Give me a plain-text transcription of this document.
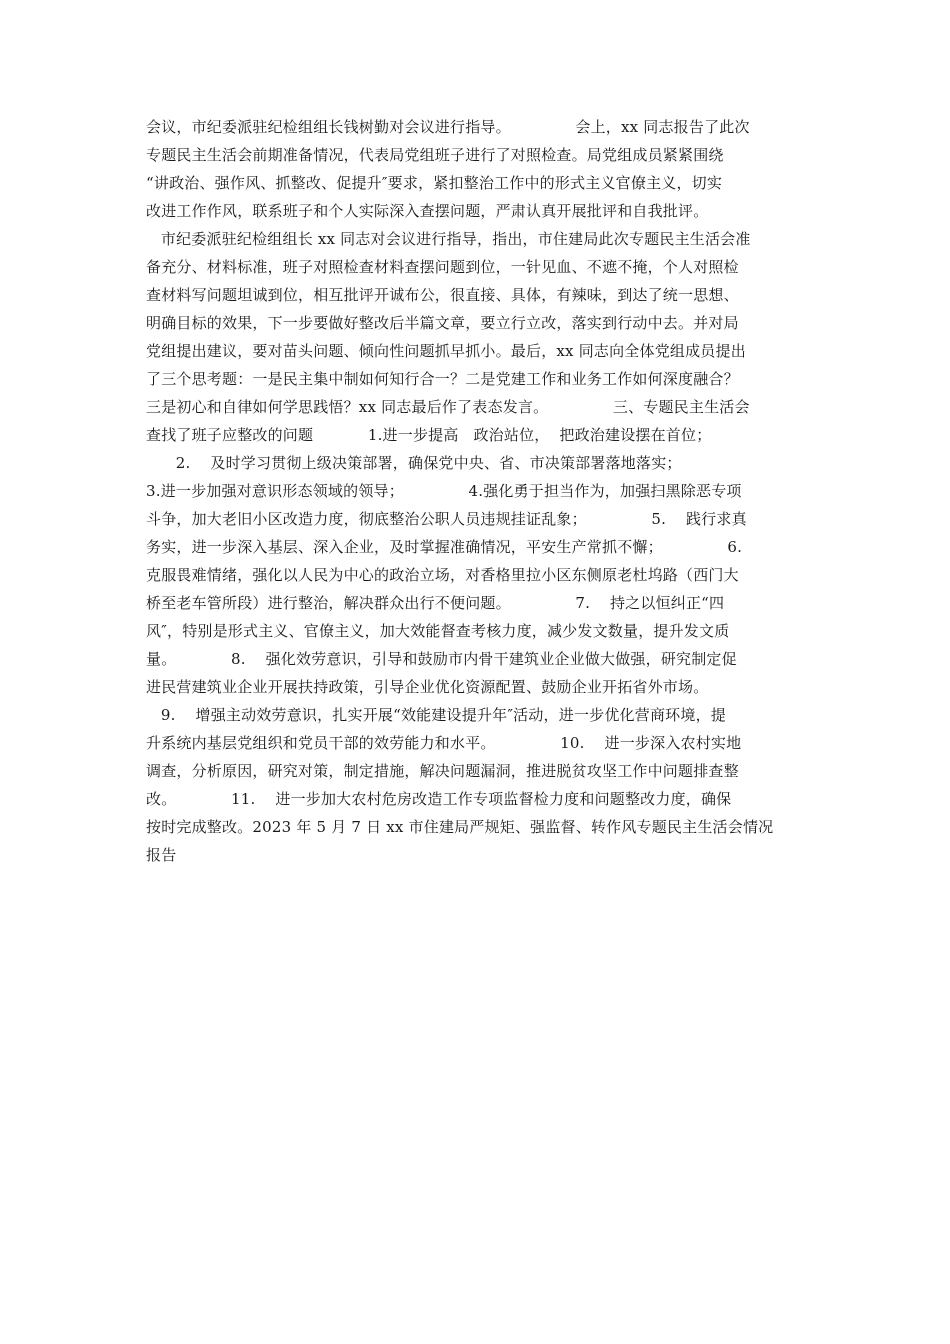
会议，市纪委派驻纪检组组长钱树勤对会议进行指导。             会上，xx 同志报告了此次
专题民主生活会前期准备情况，代表局党组班子进行了对照检查。局党组成员紧紧围绕
“讲政治、强作风、抓整改、促提升″要求，紧扣整治工作中的形式主义官僚主义，切实
改进工作作风，联系班子和个人实际深入查摆问题，严肃认真开展批评和自我批评。
市纪委派驻纪检组组长 xx 同志对会议进行指导，指出，市住建局此次专题民主生活会准
备充分、材料标准，班子对照检查材料查摆问题到位，一针见血、不遮不掩，个人对照检
查材料写问题坦诚到位，相互批评开诚布公，很直接、具体，有辣味，到达了统一思想、
明确目标的效果，下一步要做好整改后半篇文章，要立行立改，落实到行动中去。并对局
党组提出建议，要对苗头问题、倾向性问题抓早抓小。最后，xx 同志向全体党组成员提出
了三个思考题：一是民主集中制如何知行合一？二是党建工作和业务工作如何深度融合？
三是初心和自律如何学思践悟？xx 同志最后作了表态发言。             三、专题民主生活会
查找了班子应整改的问题           1.进一步提高   政治站位，  把政治建设摆在首位；
2.    及时学习贯彻上级决策部署，确保党中央、省、市决策部署落地落实；
3.进一步加强对意识形态领域的领导；             4.强化勇于担当作为，加强扫黑除恶专项
斗争，加大老旧小区改造力度，彻底整治公职人员违规挂证乱象；             5.    践行求真
务实，进一步深入基层、深入企业，及时掌握准确情况，平安生产常抓不懈；             6.
克服畏难情绪，强化以人民为中心的政治立场，对香格里拉小区东侧原老杜坞路（西门大
桥至老车管所段）进行整治，解决群众出行不便问题。             7.    持之以恒纠正“四
风″，特别是形式主义、官僚主义，加大效能督查考核力度，减少发文数量，提升发文质
量。           8.    强化效劳意识，引导和鼓励市内骨干建筑业企业做大做强，研究制定促
进民营建筑业企业开展扶持政策，引导企业优化资源配置、鼓励企业开拓省外市场。
9.    增强主动效劳意识，扎实开展“效能建设提升年″活动，进一步优化营商环境，提
升系统内基层党组织和党员干部的效劳能力和水平。             10.    进一步深入农村实地
调查，分析原因，研究对策，制定措施，解决问题漏洞，推进脱贫攻坚工作中问题排查整
改。           11.    进一步加大农村危房改造工作专项监督检力度和问题整改力度，确保
按时完成整改。2023 年 5 月 7 日 xx 市住建局严规矩、强监督、转作风专题民主生活会情况
报告
